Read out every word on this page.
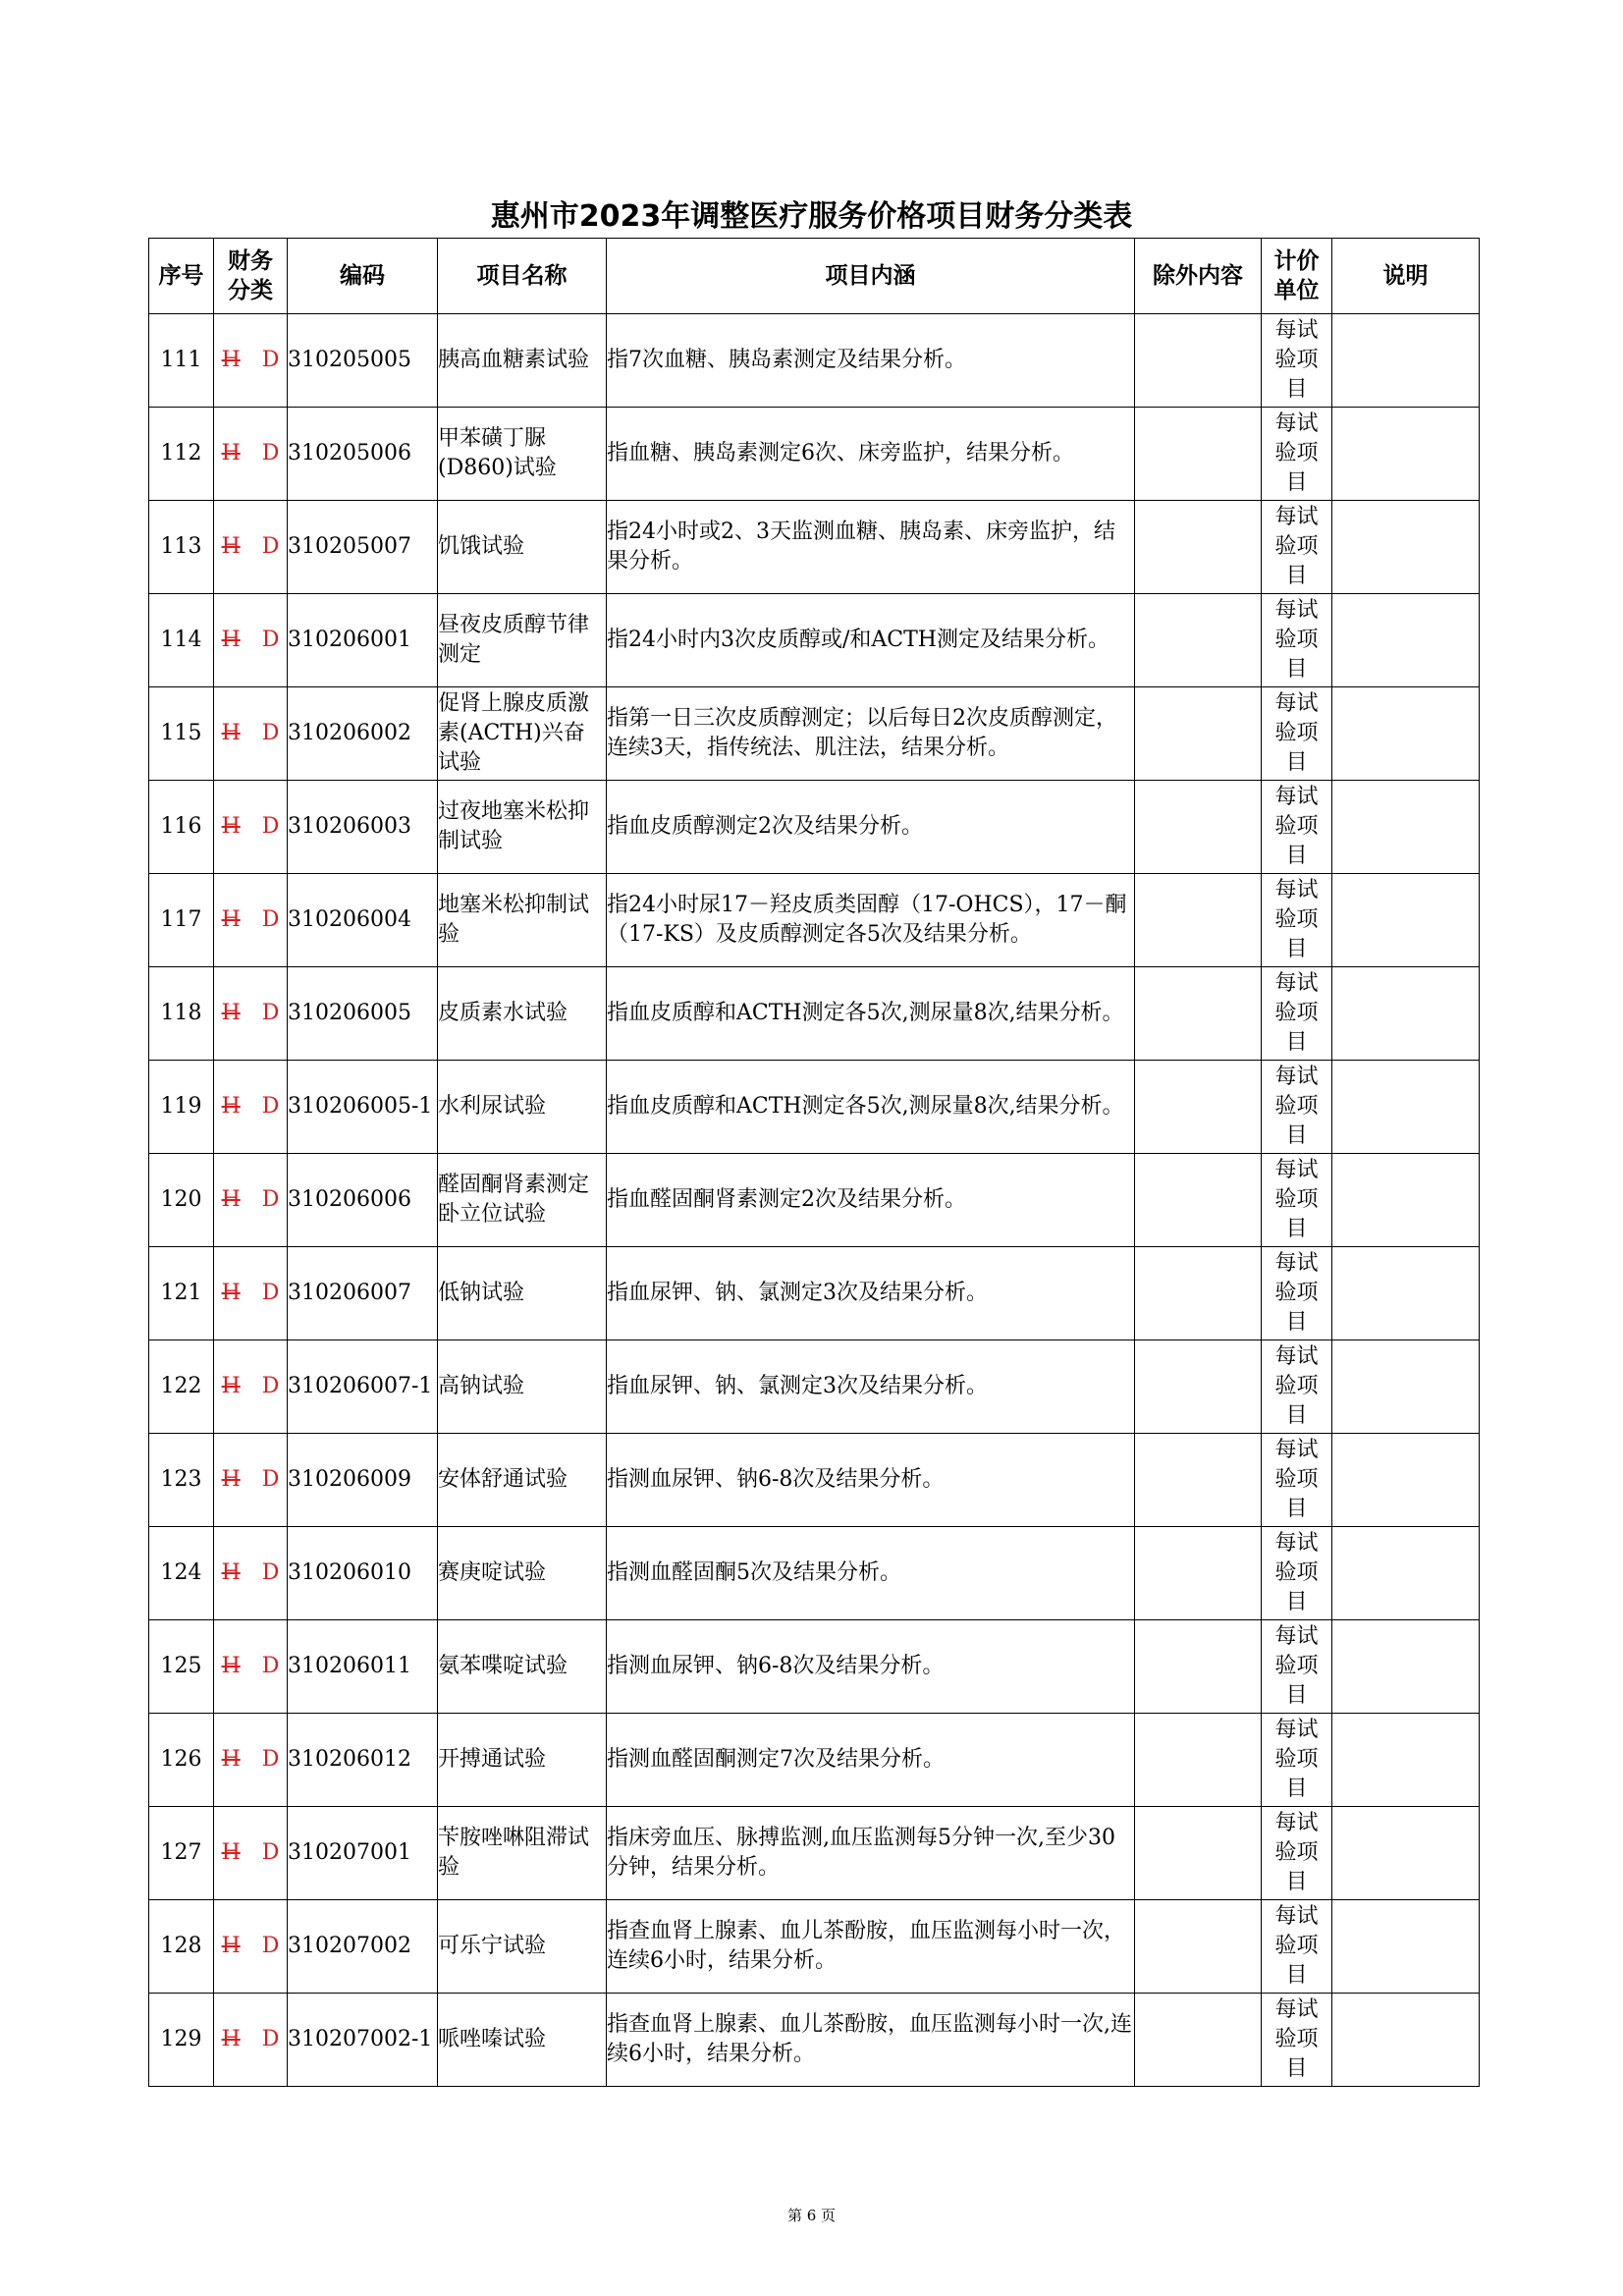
惠州市2023年调整医疗服务价格项目财务分类表
序号	财务分类	编码	项目名称	项目内涵	除外内容	计价单位	说明
111	H D	310205005	胰高血糖素试验	指7次血糖、胰岛素测定及结果分析。		每试验项目	

112	H D	310205006	甲苯磺丁脲(D860)试验	指血糖、胰岛素测定6次、床旁监护，结果分析。		每试验项目	

113	H D	310205007	饥饿试验	指24小时或2、3天监测血糖、胰岛素、床旁监护，结果分析。		每试验项目	

114	H D	310206001	昼夜皮质醇节律测定	指24小时内3次皮质醇或/和ACTH测定及结果分析。		每试验项目	

115	H D	310206002	促肾上腺皮质激素(ACTH)兴奋试验	指第一日三次皮质醇测定；以后每日2次皮质醇测定，连续3天，指传统法、肌注法，结果分析。		每试验项目	

116	H D	310206003	过夜地塞米松抑制试验	指血皮质醇测定2次及结果分析。		每试验项目	

117	H D	310206004	地塞米松抑制试验	指24小时尿17－羟皮质类固醇（17-OHCS），17－酮（17-KS）及皮质醇测定各5次及结果分析。		每试验项目	

118	H D	310206005	皮质素水试验	指血皮质醇和ACTH测定各5次,测尿量8次,结果分析。		每试验项目	

119	H D	310206005-1	水利尿试验	指血皮质醇和ACTH测定各5次,测尿量8次,结果分析。		每试验项目	

120	H D	310206006	醛固酮肾素测定卧立位试验	指血醛固酮肾素测定2次及结果分析。		每试验项目	

121	H D	310206007	低钠试验	指血尿钾、钠、氯测定3次及结果分析。		每试验项目	

122	H D	310206007-1	高钠试验	指血尿钾、钠、氯测定3次及结果分析。		每试验项目	

123	H D	310206009	安体舒通试验	指测血尿钾、钠6-8次及结果分析。		每试验项目	

124	H D	310206010	赛庚啶试验	指测血醛固酮5次及结果分析。		每试验项目	

125	H D	310206011	氨苯喋啶试验	指测血尿钾、钠6-8次及结果分析。		每试验项目	

126	H D	310206012	开搏通试验	指测血醛固酮测定7次及结果分析。		每试验项目	

127	H D	310207001	苄胺唑啉阻滞试验	指床旁血压、脉搏监测,血压监测每5分钟一次,至少30分钟，结果分析。		每试验项目	

128	H D	310207002	可乐宁试验	指查血肾上腺素、血儿茶酚胺，血压监测每小时一次，连续6小时，结果分析。		每试验项目	

129	H D	310207002-1	哌唑嗪试验	指查血肾上腺素、血儿茶酚胺，血压监测每小时一次,连续6小时，结果分析。		每试验项目	

第 6 页
